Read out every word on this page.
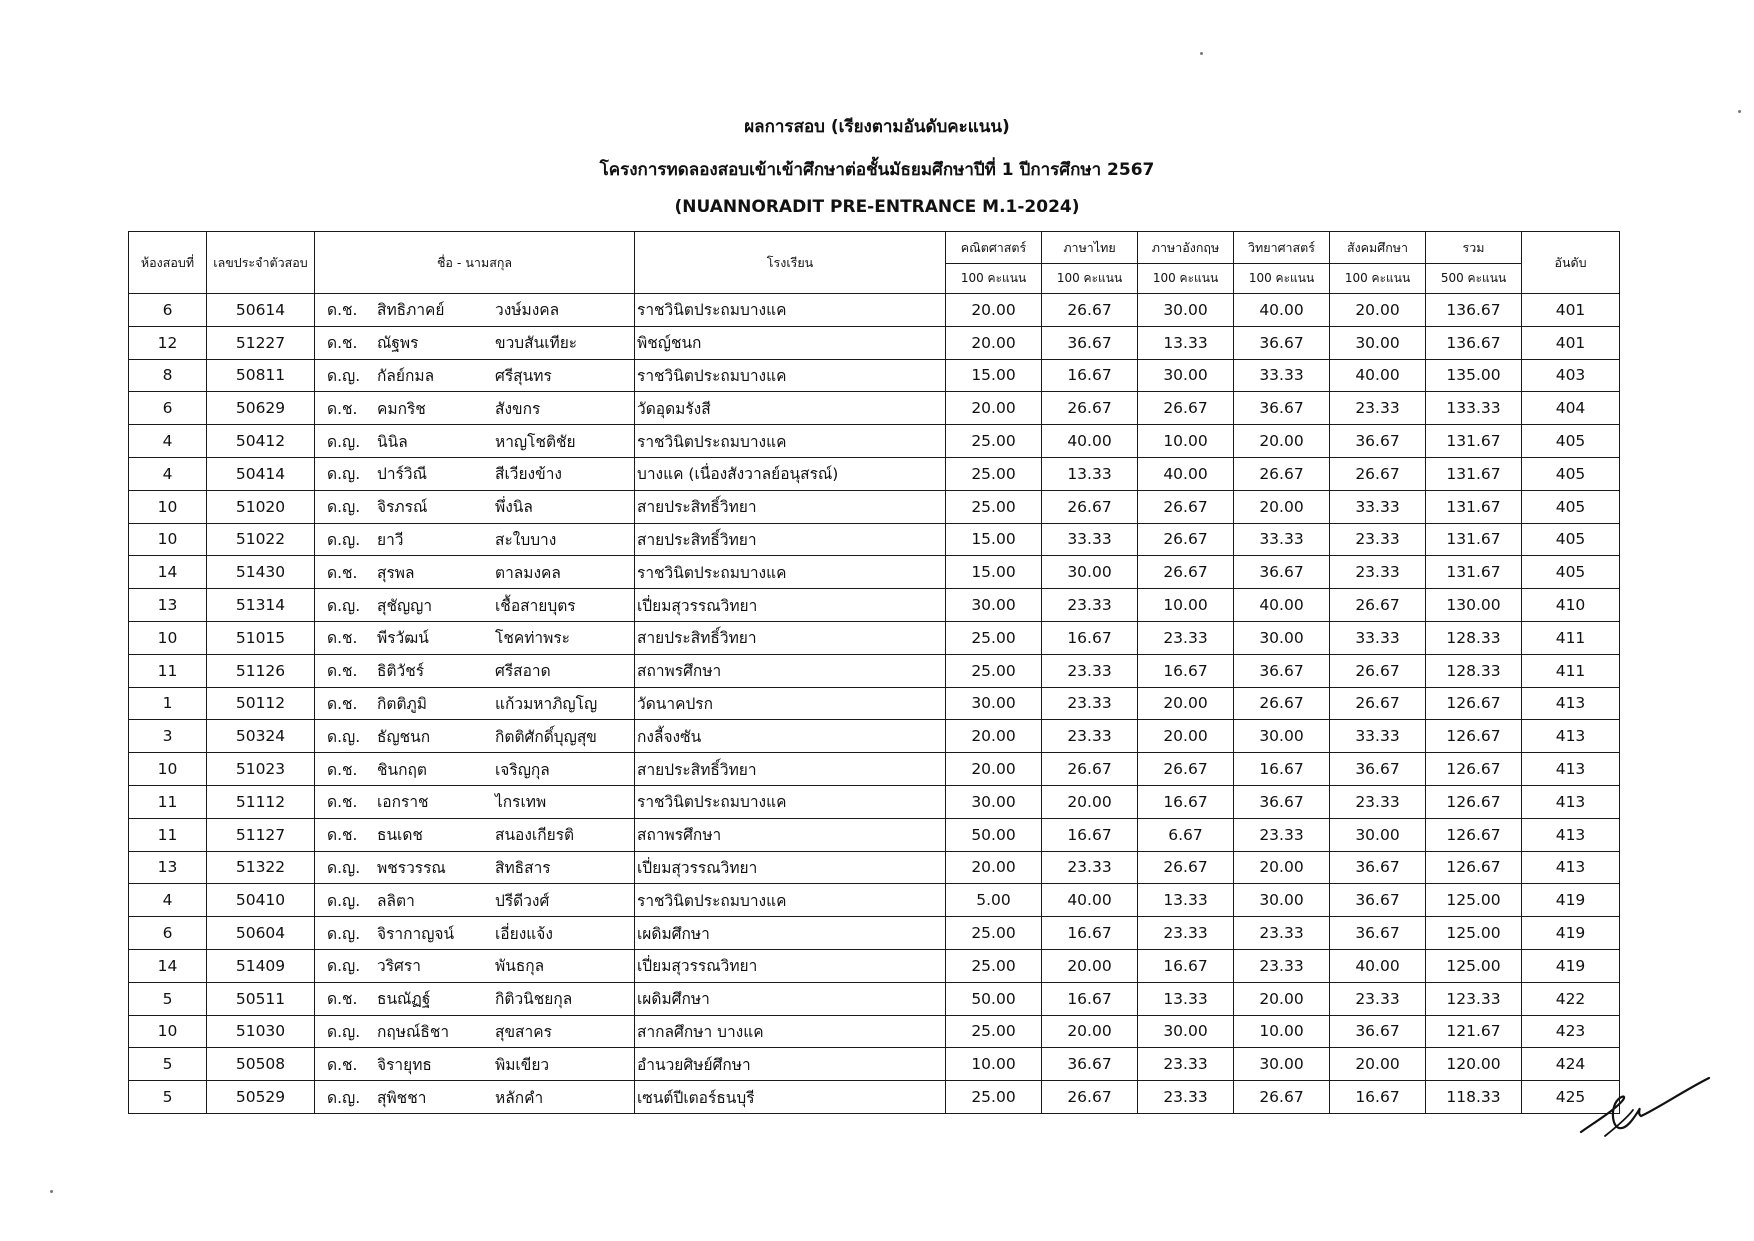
ผลการสอบ (เรียงตามอันดับคะแนน)
โครงการทดลองสอบเข้าเข้าศึกษาต่อชั้นมัธยมศึกษาปีที่ 1 ปีการศึกษา 2567
(NUANNORADIT PRE-ENTRANCE M.1-2024)
ห้องสอบที่	เลขประจำตัวสอบ	ชื่อ - นามสกุล	โรงเรียน	คณิตศาสตร์	ภาษาไทย	ภาษาอังกฤษ	วิทยาศาสตร์	สังคมศึกษา	รวม	อันดับ
				100 คะแนน	100 คะแนน	100 คะแนน	100 คะแนน	100 คะแนน	500 คะแนน	
6	50614	ด.ช. สิทธิภาคย์ วงษ์มงคล	ราชวินิตประถมบางแค	20.00	26.67	30.00	40.00	20.00	136.67	401
12	51227	ด.ช. ณัฐพร ขวบสันเทียะ	พิชญ์ชนก	20.00	36.67	13.33	36.67	30.00	136.67	401
8	50811	ด.ญ. กัลย์กมล ศรีสุนทร	ราชวินิตประถมบางแค	15.00	16.67	30.00	33.33	40.00	135.00	403
6	50629	ด.ช. คมกริช สังขกร	วัดอุดมรังสี	20.00	26.67	26.67	36.67	23.33	133.33	404
4	50412	ด.ญ. นินิล หาญโชติชัย	ราชวินิตประถมบางแค	25.00	40.00	10.00	20.00	36.67	131.67	405
4	50414	ด.ญ. ปาร์วิณี สีเวียงข้าง	บางแค (เนื่องสังวาลย์อนุสรณ์)	25.00	13.33	40.00	26.67	26.67	131.67	405
10	51020	ด.ญ. จิรภรณ์ พึ่งนิล	สายประสิทธิ์วิทยา	25.00	26.67	26.67	20.00	33.33	131.67	405
10	51022	ด.ญ. ยาวี สะใบบาง	สายประสิทธิ์วิทยา	15.00	33.33	26.67	33.33	23.33	131.67	405
14	51430	ด.ช. สุรพล ตาลมงคล	ราชวินิตประถมบางแค	15.00	30.00	26.67	36.67	23.33	131.67	405
13	51314	ด.ญ. สุชัญญา เชื้อสายบุตร	เปี่ยมสุวรรณวิทยา	30.00	23.33	10.00	40.00	26.67	130.00	410
10	51015	ด.ช. พีรวัฒน์ โชคท่าพระ	สายประสิทธิ์วิทยา	25.00	16.67	23.33	30.00	33.33	128.33	411
11	51126	ด.ช. ธิติวัชร์ ศรีสอาด	สถาพรศึกษา	25.00	23.33	16.67	36.67	26.67	128.33	411
1	50112	ด.ช. กิตติภูมิ แก้วมหาภิญโญ	วัดนาคปรก	30.00	23.33	20.00	26.67	26.67	126.67	413
3	50324	ด.ญ. ธัญชนก กิตติศักดิ์บุญสุข	กงลี้จงซัน	20.00	23.33	20.00	30.00	33.33	126.67	413
10	51023	ด.ช. ชินกฤต เจริญกุล	สายประสิทธิ์วิทยา	20.00	26.67	26.67	16.67	36.67	126.67	413
11	51112	ด.ช. เอกราช ไกรเทพ	ราชวินิตประถมบางแค	30.00	20.00	16.67	36.67	23.33	126.67	413
11	51127	ด.ช. ธนเดช สนองเกียรติ	สถาพรศึกษา	50.00	16.67	6.67	23.33	30.00	126.67	413
13	51322	ด.ญ. พชรวรรณ สิทธิสาร	เปี่ยมสุวรรณวิทยา	20.00	23.33	26.67	20.00	36.67	126.67	413
4	50410	ด.ญ. ลลิตา ปรีดีวงศ์	ราชวินิตประถมบางแค	5.00	40.00	13.33	30.00	36.67	125.00	419
6	50604	ด.ญ. จิรากาญจน์ เอี่ยงแจ้ง	เผดิมศึกษา	25.00	16.67	23.33	23.33	36.67	125.00	419
14	51409	ด.ญ. วริศรา พันธกุล	เปี่ยมสุวรรณวิทยา	25.00	20.00	16.67	23.33	40.00	125.00	419
5	50511	ด.ช. ธนณัฏฐ์ กิติวนิชยกุล	เผดิมศึกษา	50.00	16.67	13.33	20.00	23.33	123.33	422
10	51030	ด.ญ. กฤษณ์ธิชา สุขสาคร	สากลศึกษา บางแค	25.00	20.00	30.00	10.00	36.67	121.67	423
5	50508	ด.ช. จิรายุทธ พิมเขียว	อำนวยศิษย์ศึกษา	10.00	36.67	23.33	30.00	20.00	120.00	424
5	50529	ด.ญ. สุพิชชา หลักคำ	เซนต์ปีเตอร์ธนบุรี	25.00	26.67	23.33	26.67	16.67	118.33	425
